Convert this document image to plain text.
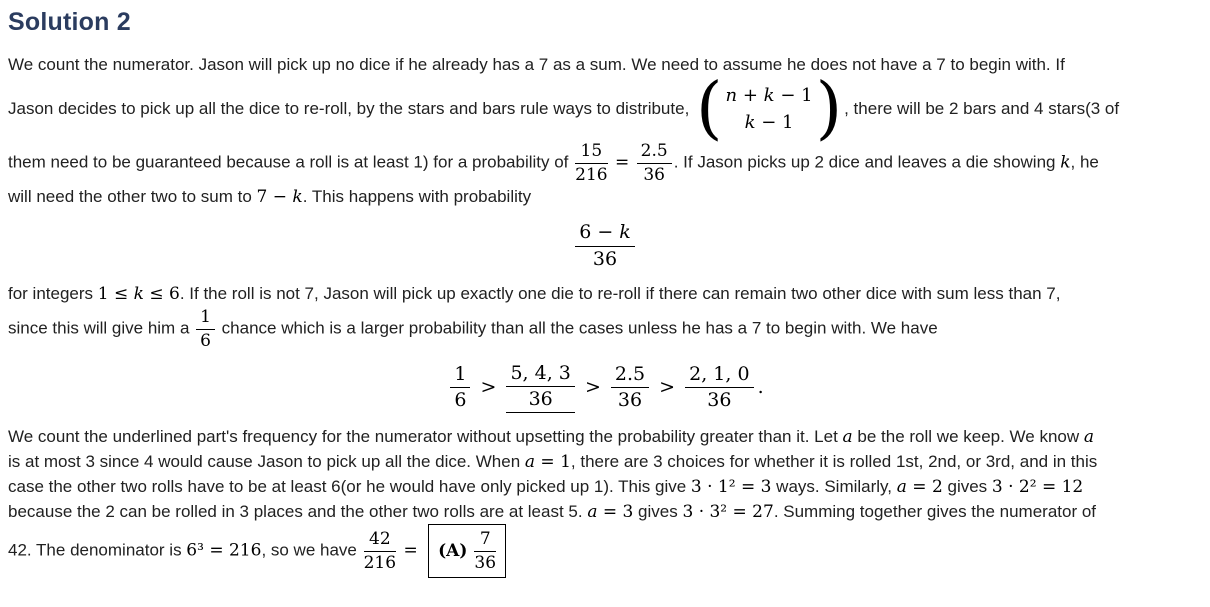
Solution 2
We count the numerator. Jason will pick up no dice if he already has a 7 as a sum. We need to assume he does not have a 7 to begin with. If
Jason decides to pick up all the dice to re-roll, by the stars and bars rule ways to distribute, ( n + k − 1
k − 1 ) , there will be 2 bars and 4 stars(3 of
them need to be guaranteed because a roll is at least 1) for a probability of $\frac{15}{216} = \frac{2.5}{36}$ . If Jason picks up 2 dice and leaves a die showing k, he
will need the other two to sum to 7 − k. This happens with probability
$\frac{6 - k}{36}$
for integers 1 ≤ k ≤ 6. If the roll is not 7, Jason will pick up exactly one die to re-roll if there can remain two other dice with sum less than 7,
since this will give him a $\frac{1}{6}$ chance which is a larger probability than all the cases unless he has a 7 to begin with. We have
$\frac{1}{6} > \frac{5, 4, 3}{36} > \frac{2.5}{36} > \frac{2, 1, 0}{36}$ .
We count the underlined part's frequency for the numerator without upsetting the probability greater than it. Let a be the roll we keep. We know a
is at most 3 since 4 would cause Jason to pick up all the dice. When a = 1, there are 3 choices for whether it is rolled 1st, 2nd, or 3rd, and in this
case the other two rolls have to be at least 6(or he would have only picked up 1). This give 3 · 1² = 3 ways. Similarly, a = 2 gives 3 · 2² = 12
because the 2 can be rolled in 3 places and the other two rolls are at least 5. a = 3 gives 3 · 3² = 27. Summing together gives the numerator of
42. The denominator is 6³ = 216, so we have $\frac{42}{216} = (A) \frac{7}{36}$
